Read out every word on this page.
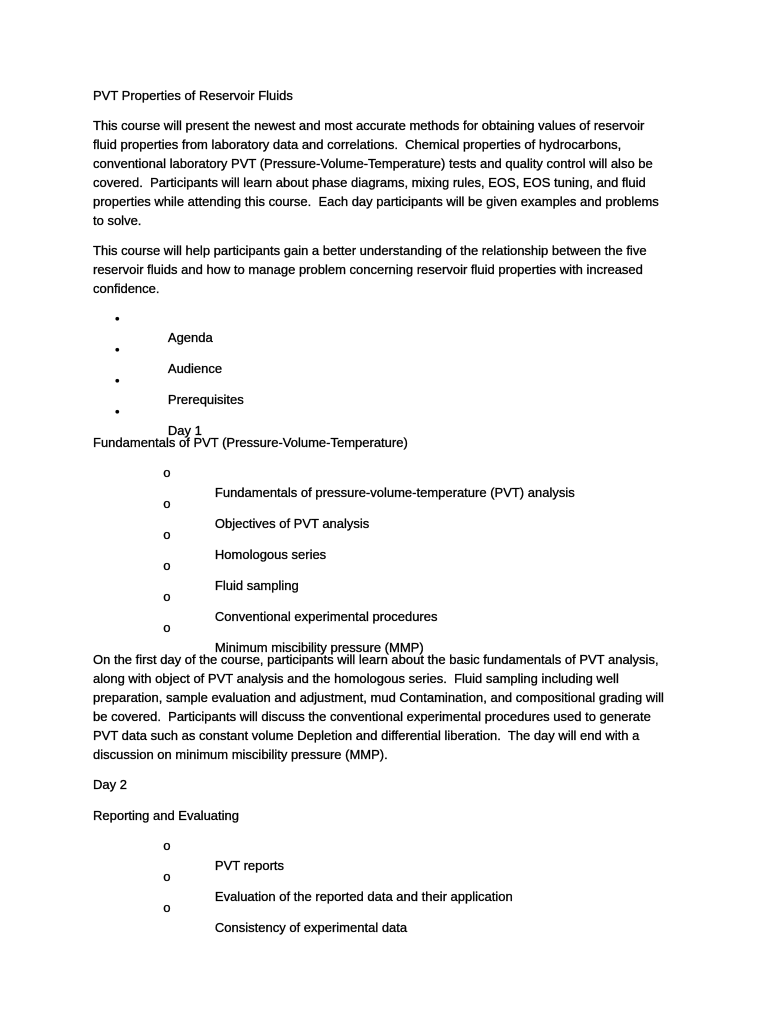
PVT Properties of Reservoir Fluids
This course will present the newest and most accurate methods for obtaining values of reservoir
fluid properties from laboratory data and correlations.  Chemical properties of hydrocarbons,
conventional laboratory PVT (Pressure-Volume-Temperature) tests and quality control will also be
covered.  Participants will learn about phase diagrams, mixing rules, EOS, EOS tuning, and fluid
properties while attending this course.  Each day participants will be given examples and problems
to solve.
This course will help participants gain a better understanding of the relationship between the five
reservoir fluids and how to manage problem concerning reservoir fluid properties with increased
confidence.

•
Agenda

•
Audience

•
Prerequisites

•
Day 1

Fundamentals of PVT (Pressure-Volume-Temperature)

o
Fundamentals of pressure-volume-temperature (PVT) analysis

o
Objectives of PVT analysis

o
Homologous series

o
Fluid sampling

o
Conventional experimental procedures

o
Minimum miscibility pressure (MMP)

On the first day of the course, participants will learn about the basic fundamentals of PVT analysis,
along with object of PVT analysis and the homologous series.  Fluid sampling including well
preparation, sample evaluation and adjustment, mud Contamination, and compositional grading will
be covered.  Participants will discuss the conventional experimental procedures used to generate
PVT data such as constant volume Depletion and differential liberation.  The day will end with a
discussion on minimum miscibility pressure (MMP).
Day 2
Reporting and Evaluating

o
PVT reports

o
Evaluation of the reported data and their application

o
Consistency of experimental data
